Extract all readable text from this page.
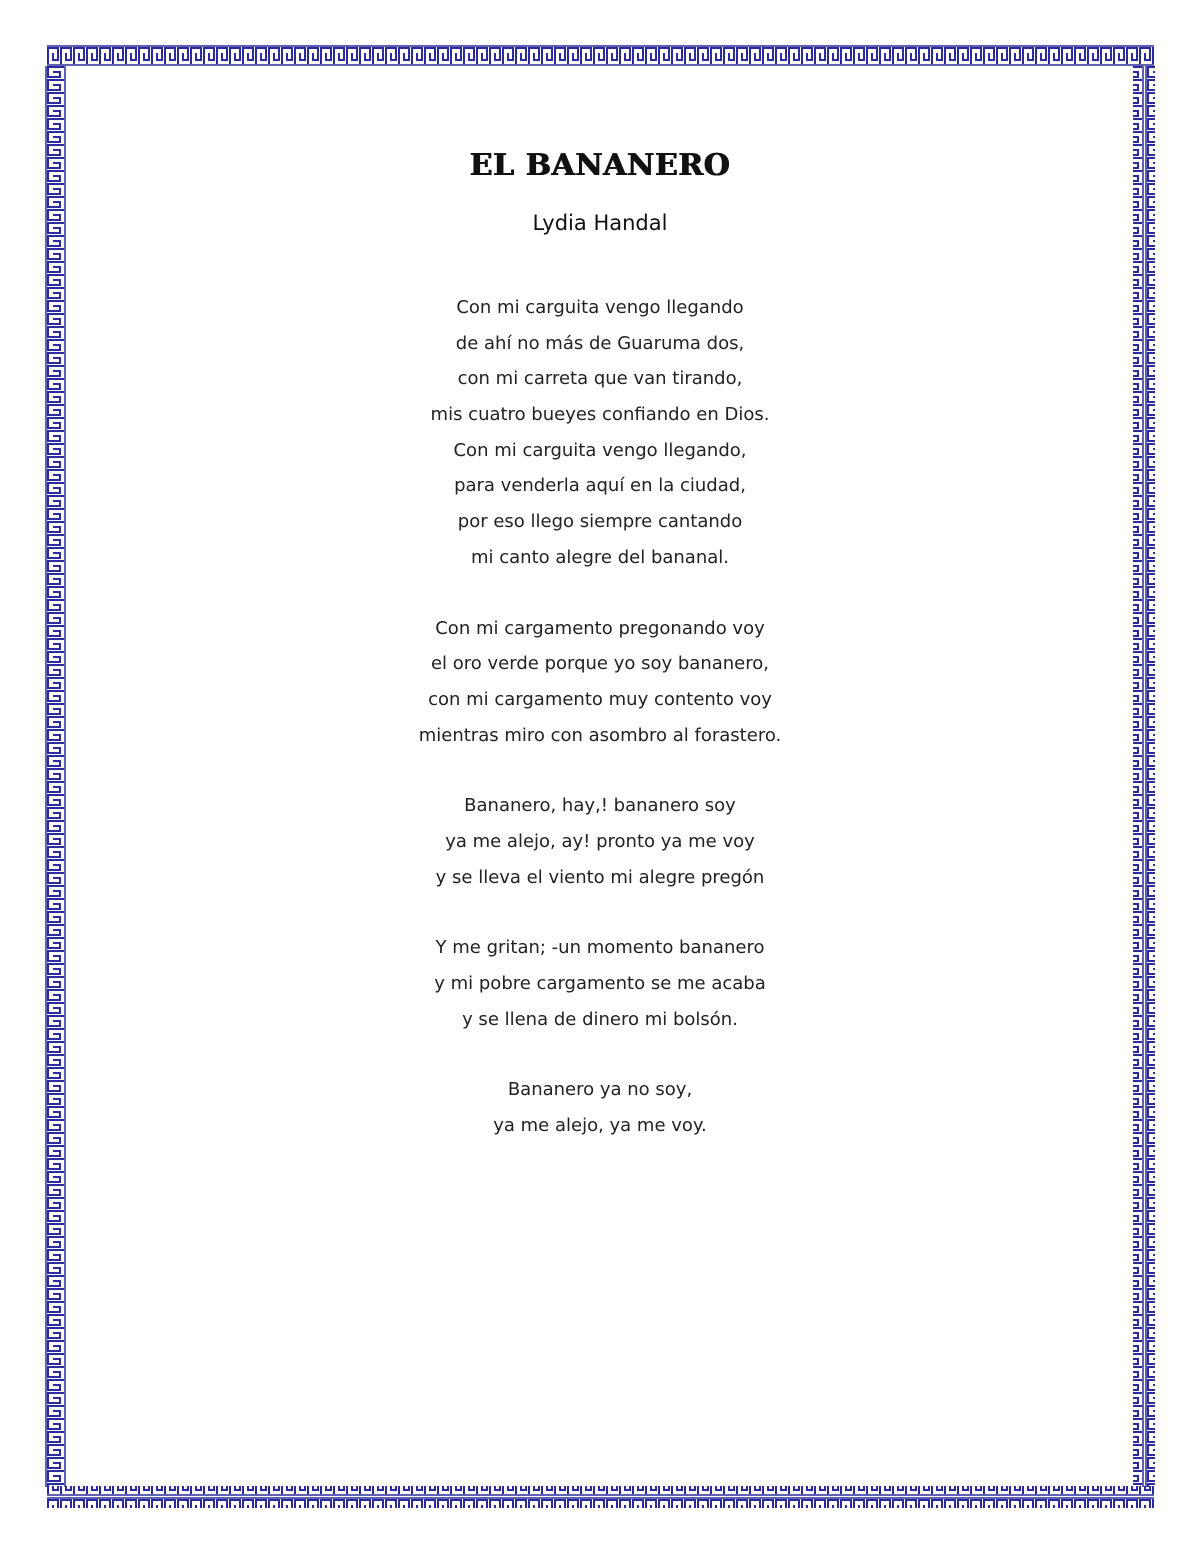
EL BANANERO
Lydia Handal
Con mi carguita vengo llegando
de ahí no más de Guaruma dos,
con mi carreta que van tirando,
mis cuatro bueyes confiando en Dios.
Con mi carguita vengo llegando,
para venderla aquí en la ciudad,
por eso llego siempre cantando
mi canto alegre del bananal.
Con mi cargamento pregonando voy
el oro verde porque yo soy bananero,
con mi cargamento muy contento voy
mientras miro con asombro al forastero.
Bananero, hay,! bananero soy
ya me alejo, ay! pronto ya me voy
y se lleva el viento mi alegre pregón
Y me gritan; -un momento bananero
y mi pobre cargamento se me acaba
y se llena de dinero mi bolsón.
Bananero ya no soy,
ya me alejo, ya me voy.
